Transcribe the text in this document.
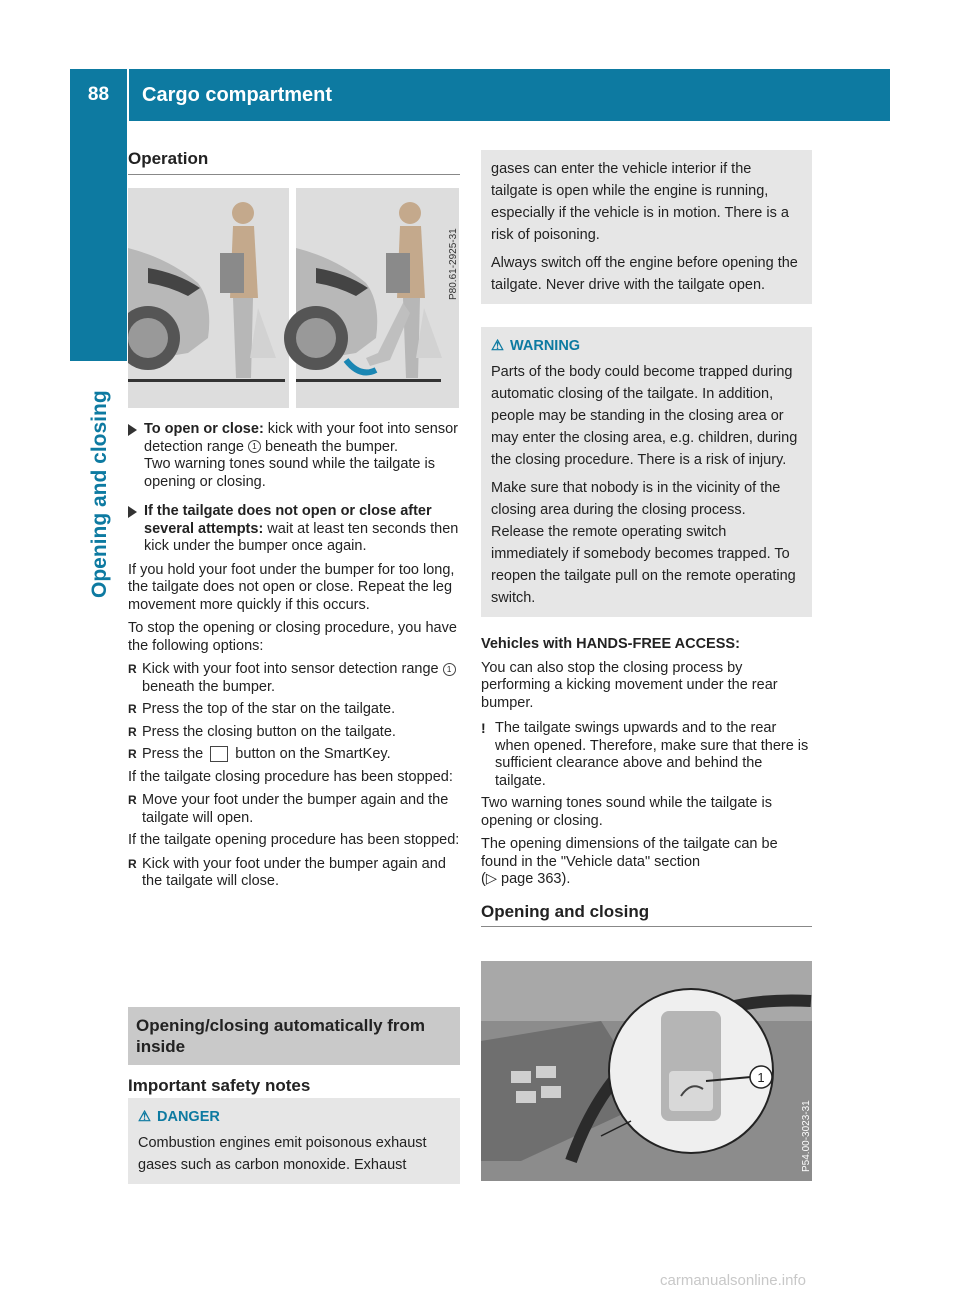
88	Cargo compartment
Opening and closing
Operation
P80.61-2925-31
To open or close: kick with your foot into sensor detection range 1 beneath the bumper.
Two warning tones sound while the tailgate is opening or closing.
If the tailgate does not open or close after several attempts: wait at least ten seconds then kick under the bumper once again.

If you hold your foot under the bumper for too long, the tailgate does not open or close. Repeat the leg movement more quickly if this occurs.

To stop the opening or closing procedure, you have the following options:

R Kick with your foot into sensor detection range 1 beneath the bumper.
R Press the top of the star on the tailgate.
R Press the closing button on the tailgate.
R Press the  button on the SmartKey.

If the tailgate closing procedure has been stopped:

R Move your foot under the bumper again and the tailgate will open.

If the tailgate opening procedure has been stopped:

R Kick with your foot under the bumper again and the tailgate will close.
Opening/closing automatically from inside
Important safety notes
⚠ DANGER
Combustion engines emit poisonous exhaust gases such as carbon monoxide. Exhaust
gases can enter the vehicle interior if the tailgate is open while the engine is running, especially if the vehicle is in motion. There is a risk of poisoning.
Always switch off the engine before opening the tailgate. Never drive with the tailgate open.
⚠ WARNING
Parts of the body could become trapped during automatic closing of the tailgate. In addition, people may be standing in the closing area or may enter the closing area, e.g. children, during the closing procedure. There is a risk of injury.
Make sure that nobody is in the vicinity of the closing area during the closing process. Release the remote operating switch immediately if somebody becomes trapped. To reopen the tailgate pull on the remote operating switch.

Vehicles with HANDS-FREE ACCESS:

You can also stop the closing process by performing a kicking movement under the rear bumper.

! The tailgate swings upwards and to the rear when opened. Therefore, make sure that there is sufficient clearance above and behind the tailgate.

Two warning tones sound while the tailgate is opening or closing.

The opening dimensions of the tailgate can be found in the "Vehicle data" section

(▷ page 363).

Opening and closing
1
P54.00-3023-31
carmanualsonline.info
